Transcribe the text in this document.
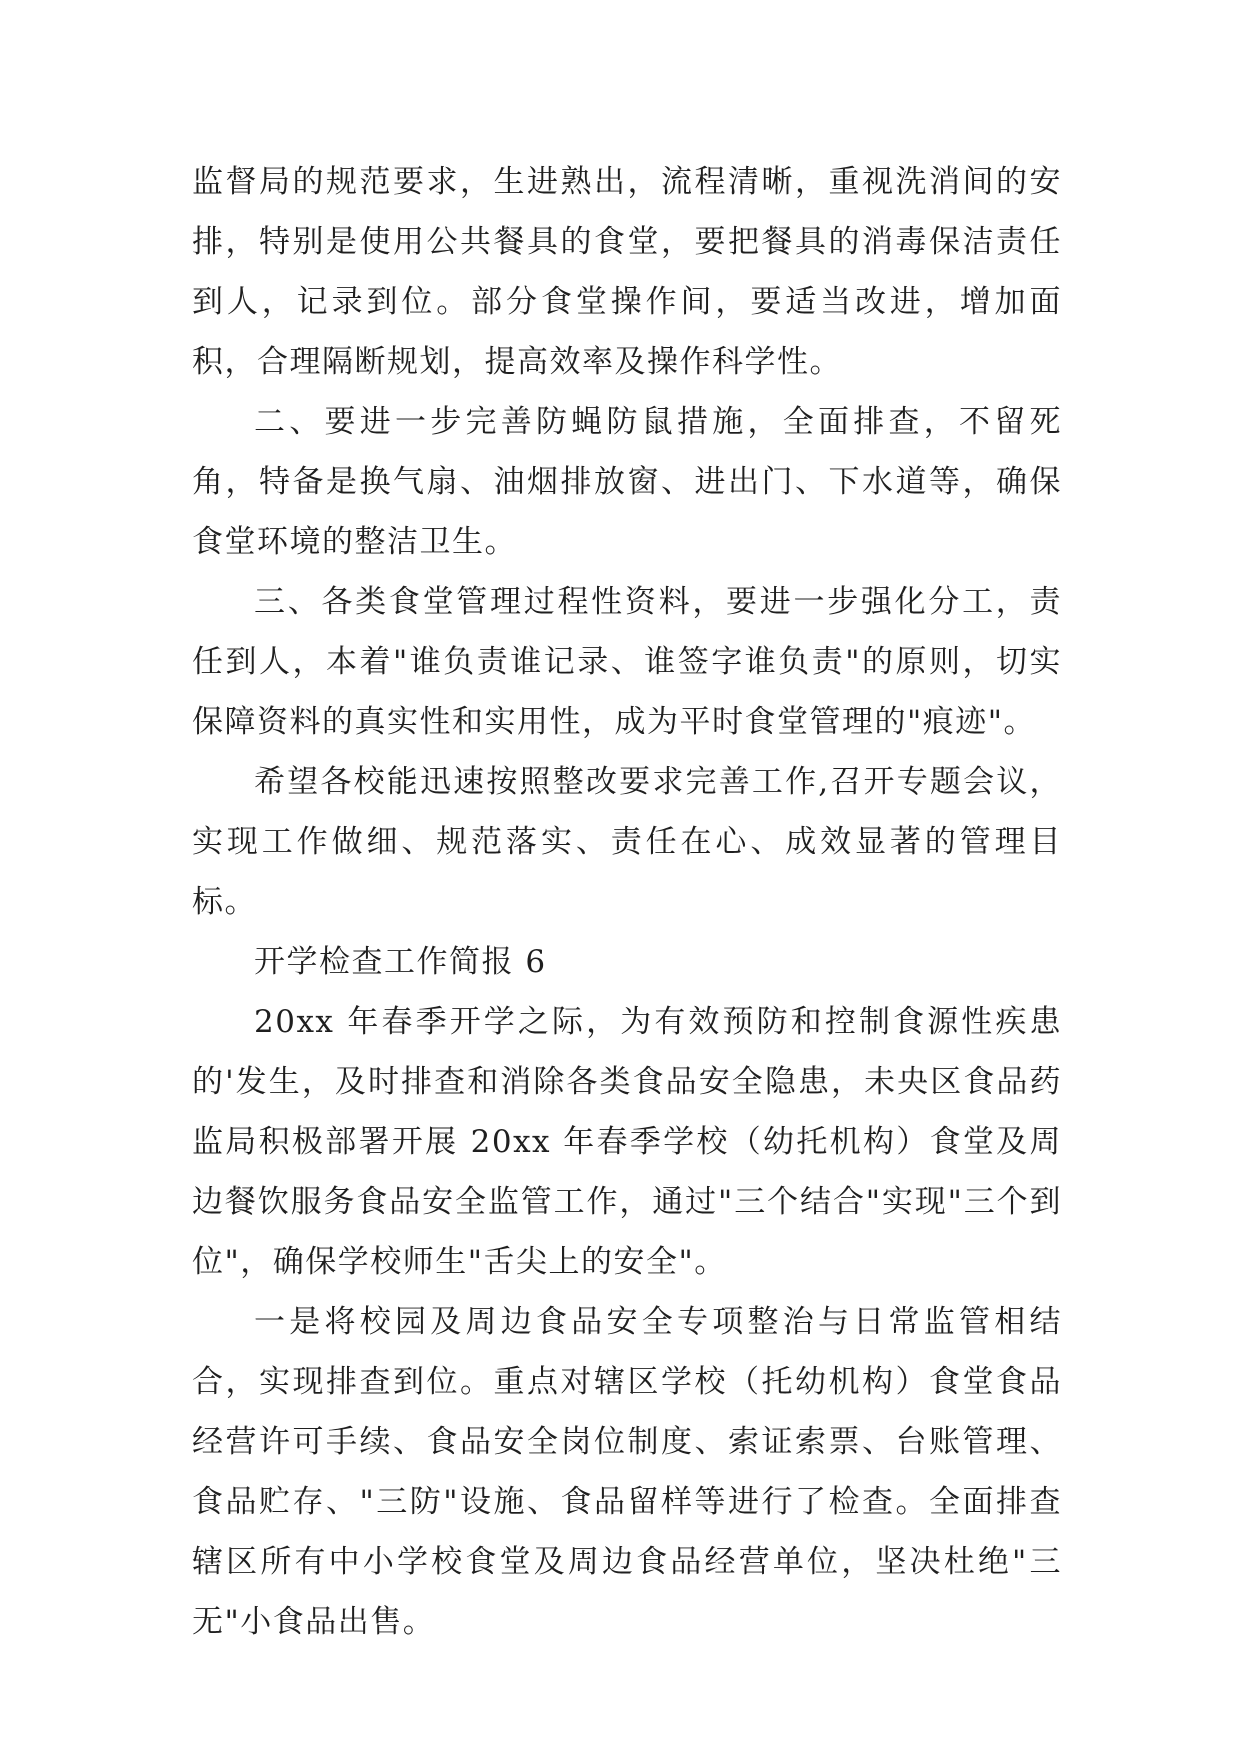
监督局的规范要求，生进熟出，流程清晰，重视洗消间的安排，特别是使用公共餐具的食堂，要把餐具的消毒保洁责任到人，记录到位。部分食堂操作间，要适当改进，增加面积，合理隔断规划，提高效率及操作科学性。

二、要进一步完善防蝇防鼠措施，全面排查，不留死角，特备是换气扇、油烟排放窗、进出门、下水道等，确保食堂环境的整洁卫生。

三、各类食堂管理过程性资料，要进一步强化分工，责任到人，本着"谁负责谁记录、谁签字谁负责"的原则，切实保障资料的真实性和实用性，成为平时食堂管理的"痕迹"。

希望各校能迅速按照整改要求完善工作,召开专题会议，实现工作做细、规范落实、责任在心、成效显著的管理目标。

开学检查工作简报 6

20xx 年春季开学之际，为有效预防和控制食源性疾患的'发生，及时排查和消除各类食品安全隐患，未央区食品药监局积极部署开展 20xx 年春季学校（幼托机构）食堂及周边餐饮服务食品安全监管工作，通过"三个结合"实现"三个到位"，确保学校师生"舌尖上的安全"。

一是将校园及周边食品安全专项整治与日常监管相结合，实现排查到位。重点对辖区学校（托幼机构）食堂食品经营许可手续、食品安全岗位制度、索证索票、台账管理、食品贮存、"三防"设施、食品留样等进行了检查。全面排查辖区所有中小学校食堂及周边食品经营单位，坚决杜绝"三无"小食品出售。
